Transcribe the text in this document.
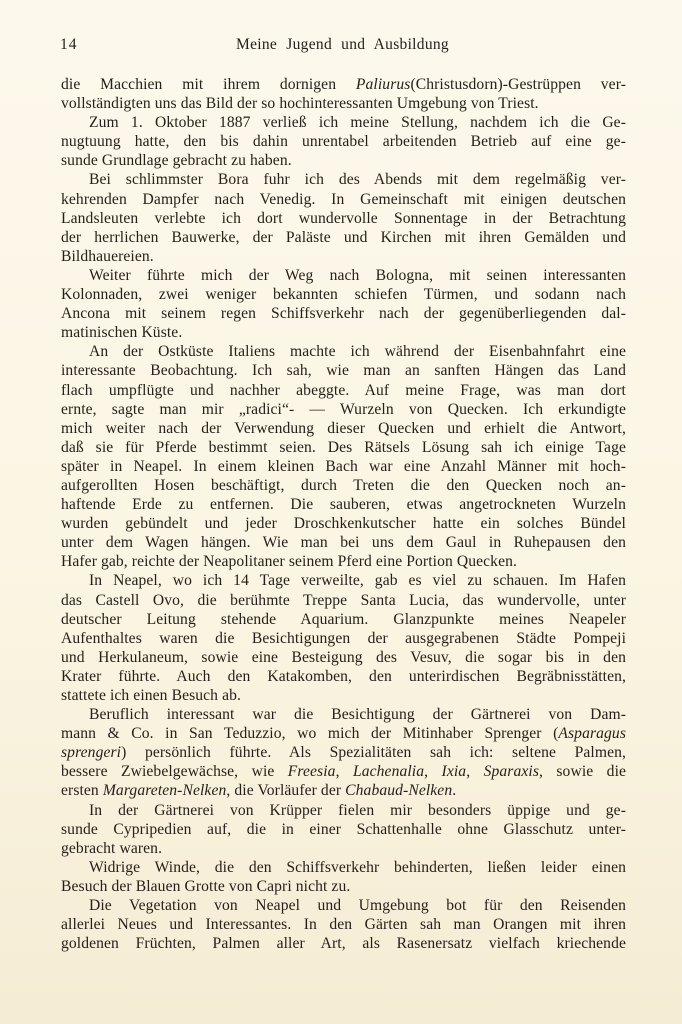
14	Meine Jugend und Ausbildung
die Macchien mit ihrem dornigen Paliurus(Christusdorn)-Gestrüppen ver-
vollständigten uns das Bild der so hochinteressanten Umgebung von Triest.
Zum 1. Oktober 1887 verließ ich meine Stellung, nachdem ich die Ge-
nugtuung hatte, den bis dahin unrentabel arbeitenden Betrieb auf eine ge-
sunde Grundlage gebracht zu haben.
Bei schlimmster Bora fuhr ich des Abends mit dem regelmäßig ver-
kehrenden Dampfer nach Venedig. In Gemeinschaft mit einigen deutschen
Landsleuten verlebte ich dort wundervolle Sonnentage in der Betrachtung
der herrlichen Bauwerke, der Paläste und Kirchen mit ihren Gemälden und
Bildhauereien.
Weiter führte mich der Weg nach Bologna, mit seinen interessanten
Kolonnaden, zwei weniger bekannten schiefen Türmen, und sodann nach
Ancona mit seinem regen Schiffsverkehr nach der gegenüberliegenden dal-
matinischen Küste.
An der Ostküste Italiens machte ich während der Eisenbahnfahrt eine
interessante Beobachtung. Ich sah, wie man an sanften Hängen das Land
flach umpflügte und nachher abeggte. Auf meine Frage, was man dort
ernte, sagte man mir „radici“- — Wurzeln von Quecken. Ich erkundigte
mich weiter nach der Verwendung dieser Quecken und erhielt die Antwort,
daß sie für Pferde bestimmt seien. Des Rätsels Lösung sah ich einige Tage
später in Neapel. In einem kleinen Bach war eine Anzahl Männer mit hoch-
aufgerollten Hosen beschäftigt, durch Treten die den Quecken noch an-
haftende Erde zu entfernen. Die sauberen, etwas angetrockneten Wurzeln
wurden gebündelt und jeder Droschkenkutscher hatte ein solches Bündel
unter dem Wagen hängen. Wie man bei uns dem Gaul in Ruhepausen den
Hafer gab, reichte der Neapolitaner seinem Pferd eine Portion Quecken.
In Neapel, wo ich 14 Tage verweilte, gab es viel zu schauen. Im Hafen
das Castell Ovo, die berühmte Treppe Santa Lucia, das wundervolle, unter
deutscher Leitung stehende Aquarium. Glanzpunkte meines Neapeler
Aufenthaltes waren die Besichtigungen der ausgegrabenen Städte Pompeji
und Herkulaneum, sowie eine Besteigung des Vesuv, die sogar bis in den
Krater führte. Auch den Katakomben, den unterirdischen Begräbnisstätten,
stattete ich einen Besuch ab.
Beruflich interessant war die Besichtigung der Gärtnerei von Dam-
mann & Co. in San Teduzzio, wo mich der Mitinhaber Sprenger (Asparagus
sprengeri) persönlich führte. Als Spezialitäten sah ich: seltene Palmen,
bessere Zwiebelgewächse, wie Freesia, Lachenalia, Ixia, Sparaxis, sowie die
ersten Margareten-Nelken, die Vorläufer der Chabaud-Nelken.
In der Gärtnerei von Krüpper fielen mir besonders üppige und ge-
sunde Cypripedien auf, die in einer Schattenhalle ohne Glasschutz unter-
gebracht waren.
Widrige Winde, die den Schiffsverkehr behinderten, ließen leider einen
Besuch der Blauen Grotte von Capri nicht zu.
Die Vegetation von Neapel und Umgebung bot für den Reisenden
allerlei Neues und Interessantes. In den Gärten sah man Orangen mit ihren
goldenen Früchten, Palmen aller Art, als Rasenersatz vielfach kriechende
